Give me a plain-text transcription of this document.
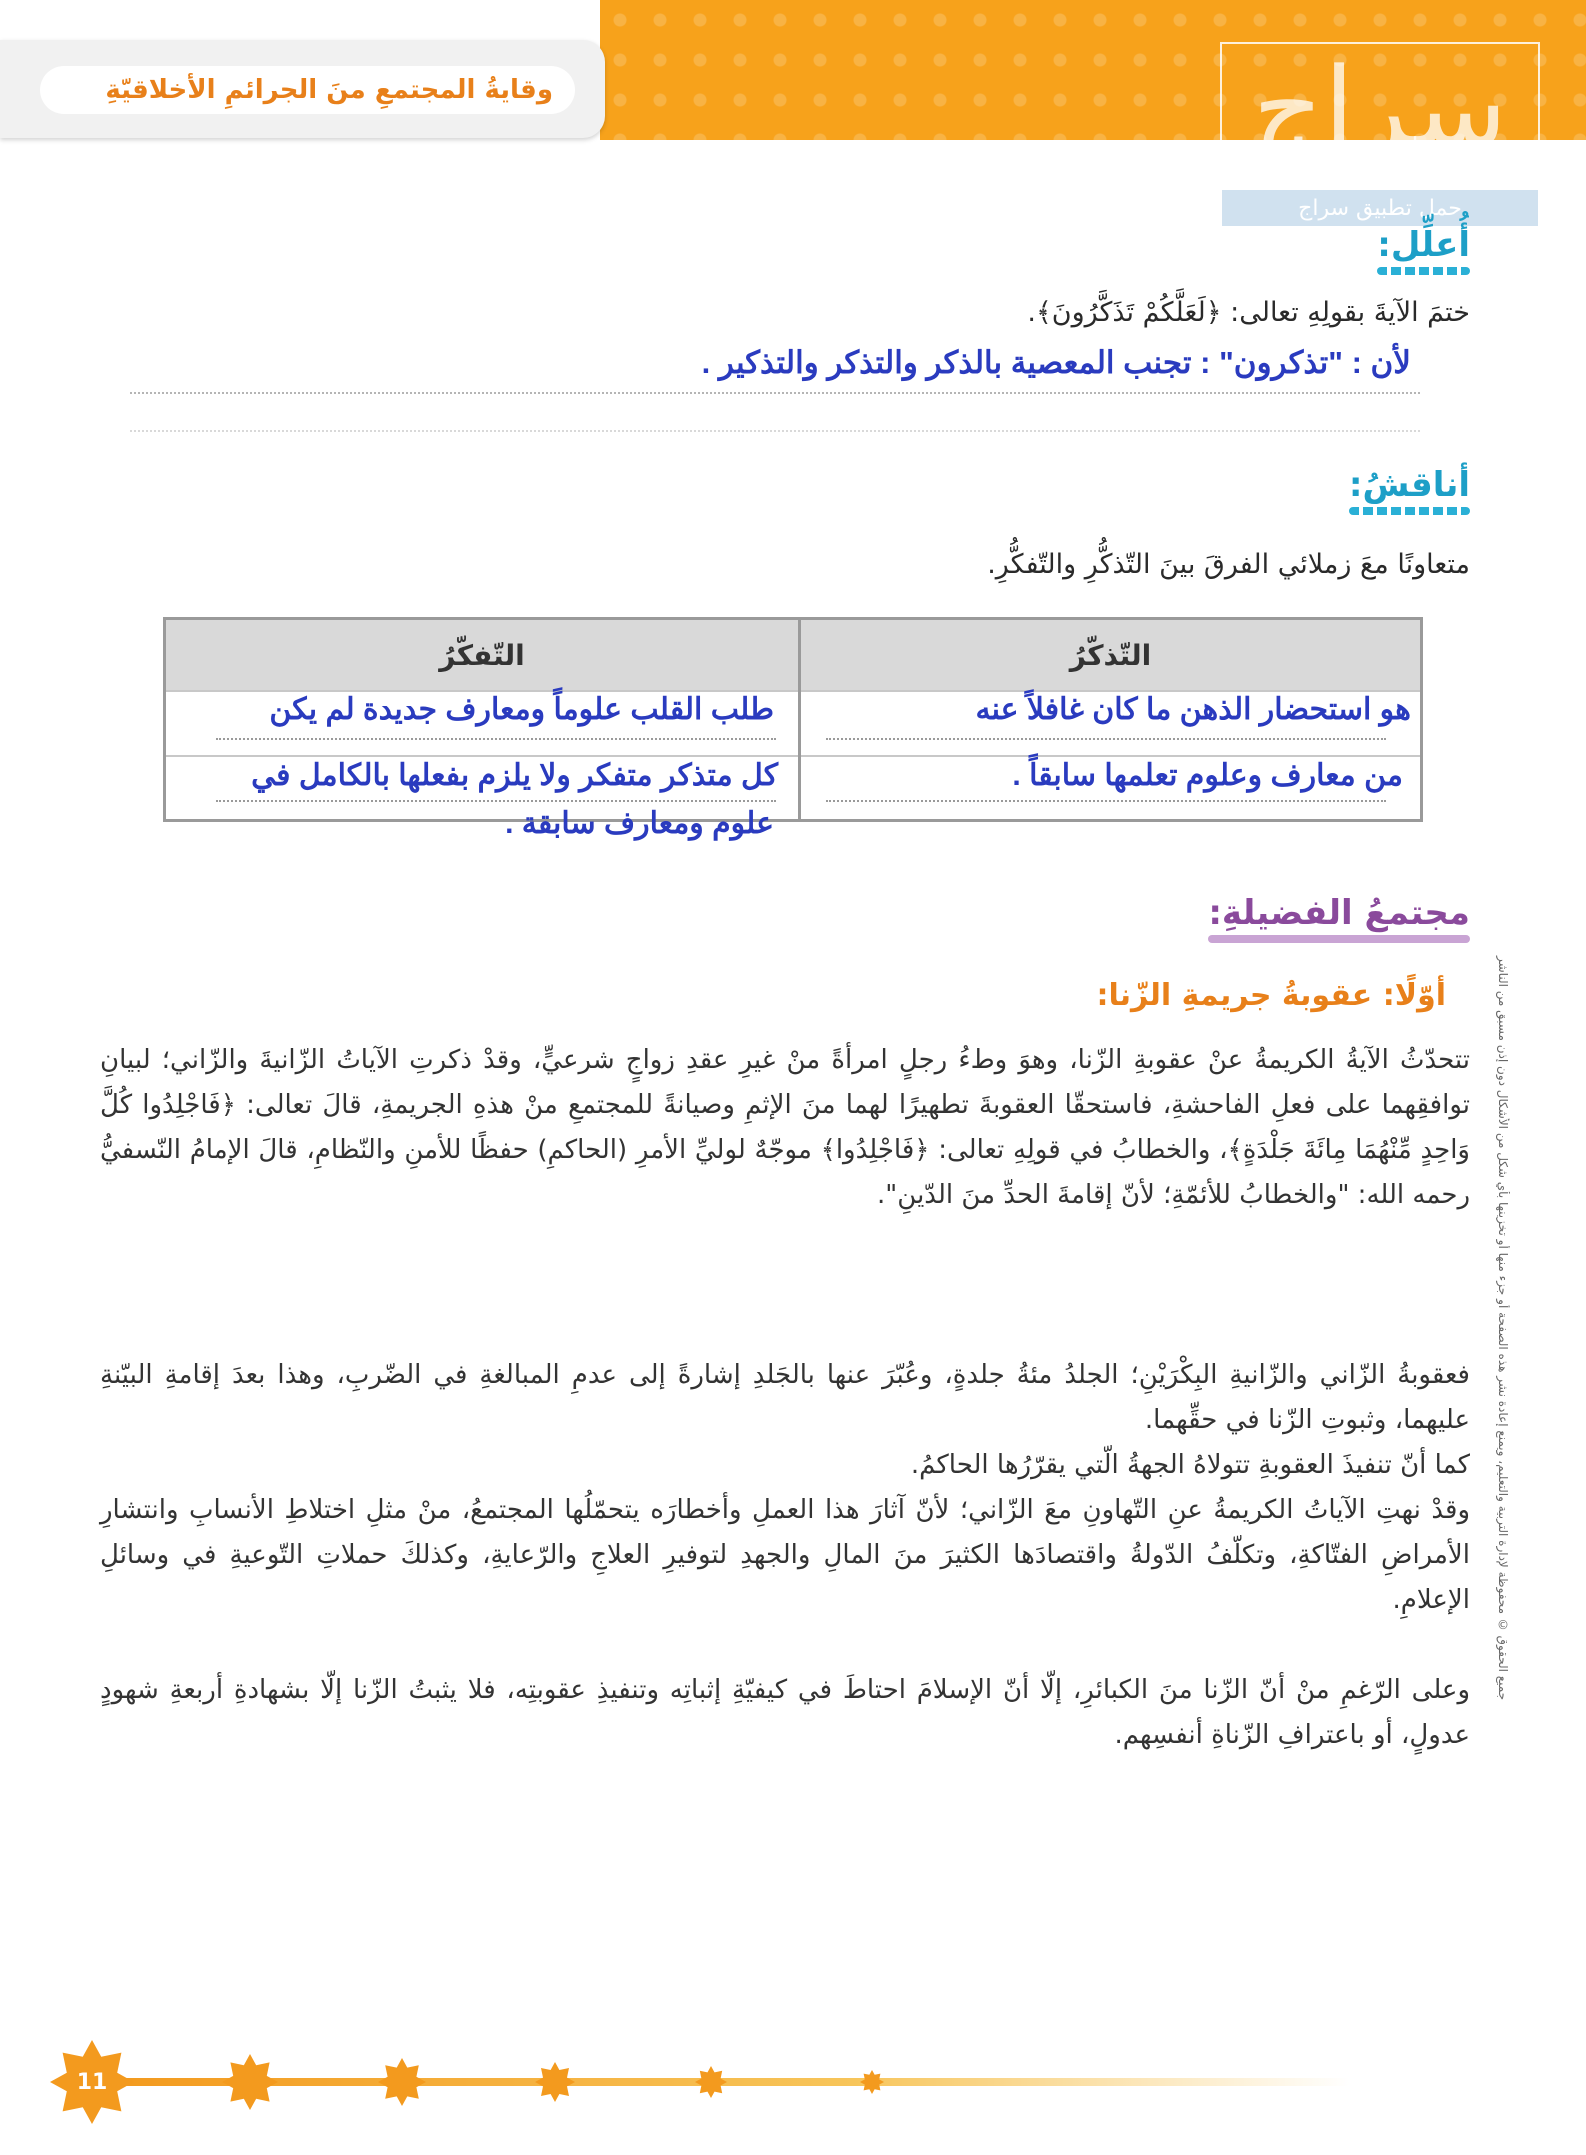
وقايةُ المجتمعِ منَ الجرائمِ الأخلاقيّةِ	سراج
حمل تطبيق سراج
جميع الحقوق © محفوظة لإدارة التربية والتعليم، ويمنع إعادة نشر هذه الصفحة أو جزء منها أو تخزينها بأي شكل من الأشكال دون إذن مسبق من الناشر
أُعلِّل:
ختمَ الآيةَ بقولِهِ تعالى: ﴿لَعَلَّكُمْ تَذَكَّرُونَ﴾.
لأن : "تذكرون" : تجنب المعصية بالذكر والتذكر والتذكير .
أناقشُ:
متعاونًا معَ زملائي الفرقَ بينَ التّذكُّرِ والتّفكُّرِ.
التّذكّرُ
التّفكّرُ
هو استحضار الذهن ما كان غافلاً عنه
من معارف وعلوم تعلمها سابقاً .
طلب القلب علوماً ومعارف جديدة لم يكن
كل متذكر متفكر ولا يلزم بفعلها بالكامل في
علوم ومعارف سابقة .
مجتمعُ الفضيلةِ:
أوّلًا: عقوبةُ جريمةِ الزّنا:
تتحدّثُ الآيةُ الكريمةُ عنْ عقوبةِ الزّنا، وهوَ وطءُ رجلٍ امرأةً منْ غيرِ عقدِ زواجٍ شرعيٍّ، وقدْ ذكرتِ الآياتُ الزّانيةَ والزّاني؛ لبيانِ توافقِهما على فعلِ الفاحشةِ، فاستحقّا العقوبةَ تطهيرًا لهما منَ الإثمِ وصيانةً للمجتمعِ منْ هذهِ الجريمةِ، قالَ تعالى: ﴿فَاجْلِدُوا كُلَّ وَاحِدٍ مِّنْهُمَا مِائَةَ جَلْدَةٍ﴾، والخطابُ في قولِهِ تعالى: ﴿فَاجْلِدُوا﴾ موجّهٌ لوليِّ الأمرِ (الحاكمِ) حفظًا للأمنِ والنّظامِ، قالَ الإمامُ النّسفيُّ رحمه الله: "والخطابُ للأئمّةِ؛ لأنّ إقامةَ الحدِّ منَ الدّينِ".
فعقوبةُ الزّاني والزّانيةِ البِكْرَيْنِ؛ الجلدُ مئةُ جلدةٍ، وعُبّرَ عنها بالجَلدِ إشارةً إلى عدمِ المبالغةِ في الضّربِ، وهذا بعدَ إقامةِ البيّنةِ عليهما، وثبوتِ الزّنا في حقِّهما.
كما أنّ تنفيذَ العقوبةِ تتولاهُ الجهةُ الّتي يقرّرُها الحاكمُ.
وقدْ نهتِ الآياتُ الكريمةُ عنِ التّهاونِ معَ الزّاني؛ لأنّ آثارَ هذا العملِ وأخطارَه يتحمّلُها المجتمعُ، منْ مثلِ اختلاطِ الأنسابِ وانتشارِ الأمراضِ الفتّاكةِ، وتكلّفُ الدّولةُ واقتصادَها الكثيرَ منَ المالِ والجهدِ لتوفيرِ العلاجِ والرّعايةِ، وكذلكَ حملاتِ التّوعيةِ في وسائلِ الإعلامِ.
وعلى الرّغمِ منْ أنّ الزّنا منَ الكبائرِ، إلّا أنّ الإسلامَ احتاطَ في كيفيّةِ إثباتِه وتنفيذِ عقوبتِه، فلا يثبتُ الزّنا إلّا بشهادةِ أربعةِ شهودٍ عدولٍ، أو باعترافِ الزّناةِ أنفسِهم.
11
